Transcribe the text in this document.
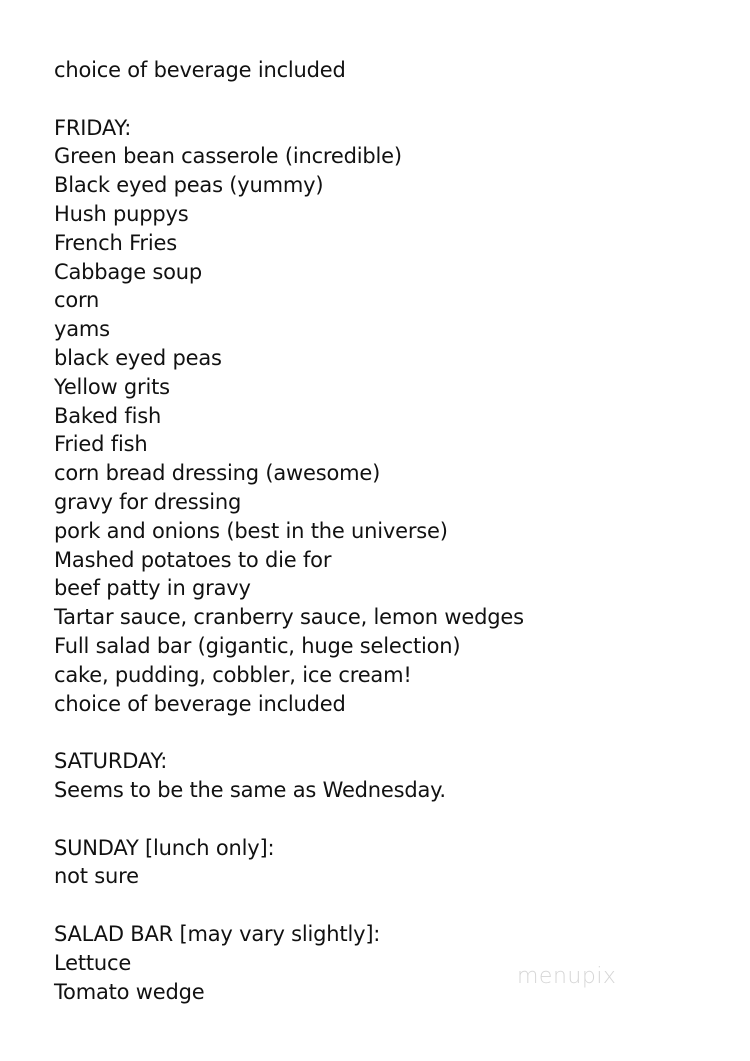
choice of beverage included
FRIDAY:
Green bean casserole (incredible)
Black eyed peas (yummy)
Hush puppys
French Fries
Cabbage soup
corn
yams
black eyed peas
Yellow grits
Baked fish
Fried fish
corn bread dressing (awesome)
gravy for dressing
pork and onions (best in the universe)
Mashed potatoes to die for
beef patty in gravy
Tartar sauce, cranberry sauce, lemon wedges
Full salad bar (gigantic, huge selection)
cake, pudding, cobbler, ice cream!
choice of beverage included
SATURDAY:
Seems to be the same as Wednesday.
SUNDAY [lunch only]:
not sure
SALAD BAR [may vary slightly]:
Lettuce
Tomato wedge
menupix
